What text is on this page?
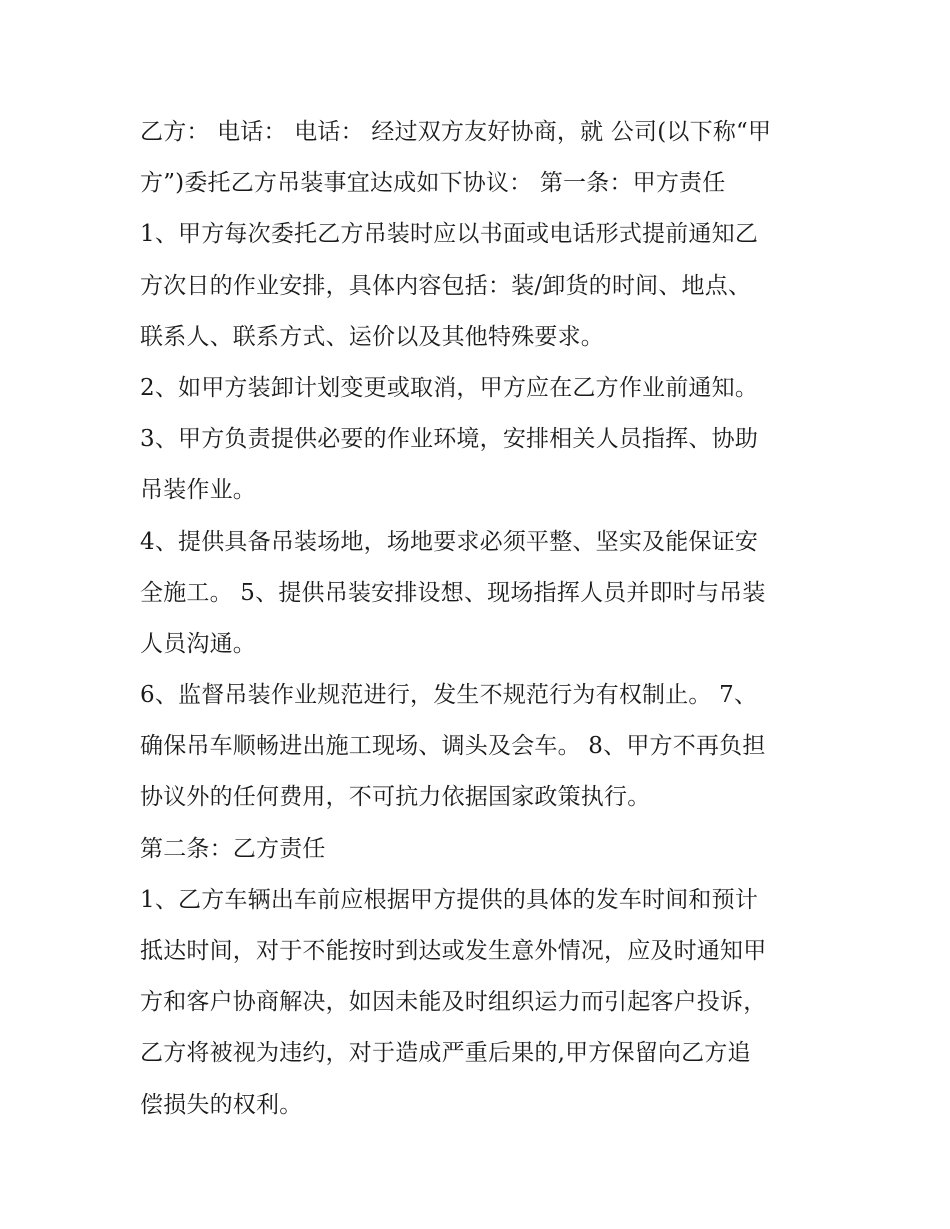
乙方： 电话： 电话： 经过双方友好协商，就 公司(以下称“甲
方”)委托乙方吊装事宜达成如下协议： 第一条：甲方责任
1、甲方每次委托乙方吊装时应以书面或电话形式提前通知乙
方次日的作业安排，具体内容包括：装/卸货的时间、地点、
联系人、联系方式、运价以及其他特殊要求。
2、如甲方装卸计划变更或取消，甲方应在乙方作业前通知。
3、甲方负责提供必要的作业环境，安排相关人员指挥、协助
吊装作业。
4、提供具备吊装场地，场地要求必须平整、坚实及能保证安
全施工。 5、提供吊装安排设想、现场指挥人员并即时与吊装
人员沟通。
6、监督吊装作业规范进行，发生不规范行为有权制止。 7、
确保吊车顺畅进出施工现场、调头及会车。 8、甲方不再负担
协议外的任何费用，不可抗力依据国家政策执行。
第二条：乙方责任
1、乙方车辆出车前应根据甲方提供的具体的发车时间和预计
抵达时间，对于不能按时到达或发生意外情况，应及时通知甲
方和客户协商解决，如因未能及时组织运力而引起客户投诉，
乙方将被视为违约，对于造成严重后果的,甲方保留向乙方追
偿损失的权利。
